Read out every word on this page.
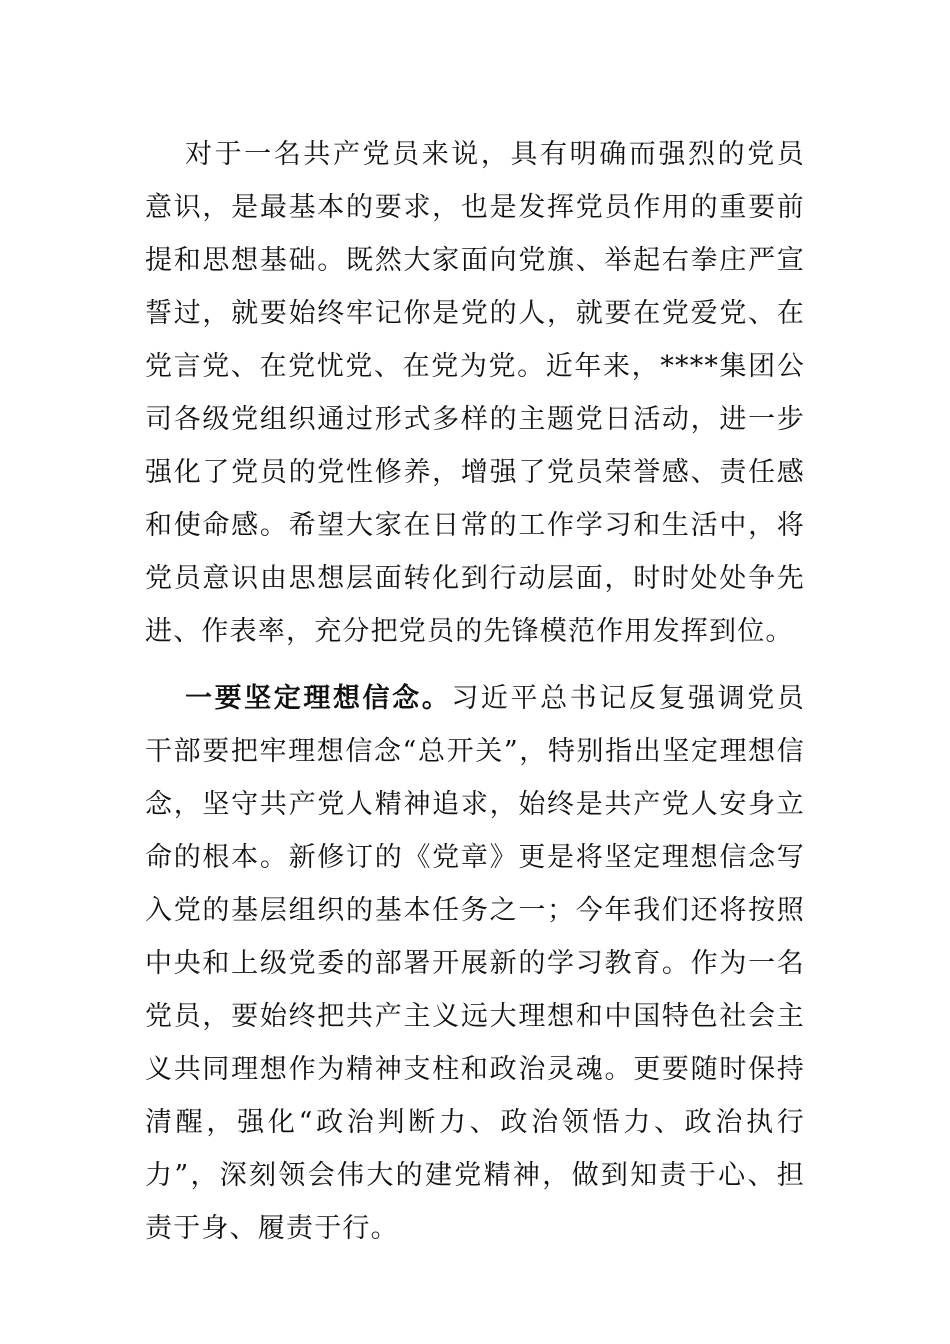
对于一名共产党员来说，具有明确而强烈的党员意识，是最基本的要求，也是发挥党员作用的重要前提和思想基础。既然大家面向党旗、举起右拳庄严宣誓过，就要始终牢记你是党的人，就要在党爱党、在党言党、在党忧党、在党为党。近年来，****集团公司各级党组织通过形式多样的主题党日活动，进一步强化了党员的党性修养，增强了党员荣誉感、责任感和使命感。希望大家在日常的工作学习和生活中，将党员意识由思想层面转化到行动层面，时时处处争先进、作表率，充分把党员的先锋模范作用发挥到位。

一要坚定理想信念。习近平总书记反复强调党员干部要把牢理想信念“总开关”，特别指出坚定理想信念，坚守共产党人精神追求，始终是共产党人安身立命的根本。新修订的《党章》更是将坚定理想信念写入党的基层组织的基本任务之一；今年我们还将按照中央和上级党委的部署开展新的学习教育。作为一名党员，要始终把共产主义远大理想和中国特色社会主义共同理想作为精神支柱和政治灵魂。更要随时保持清醒，强化“政治判断力、政治领悟力、政治执行力”，深刻领会伟大的建党精神，做到知责于心、担责于身、履责于行。
